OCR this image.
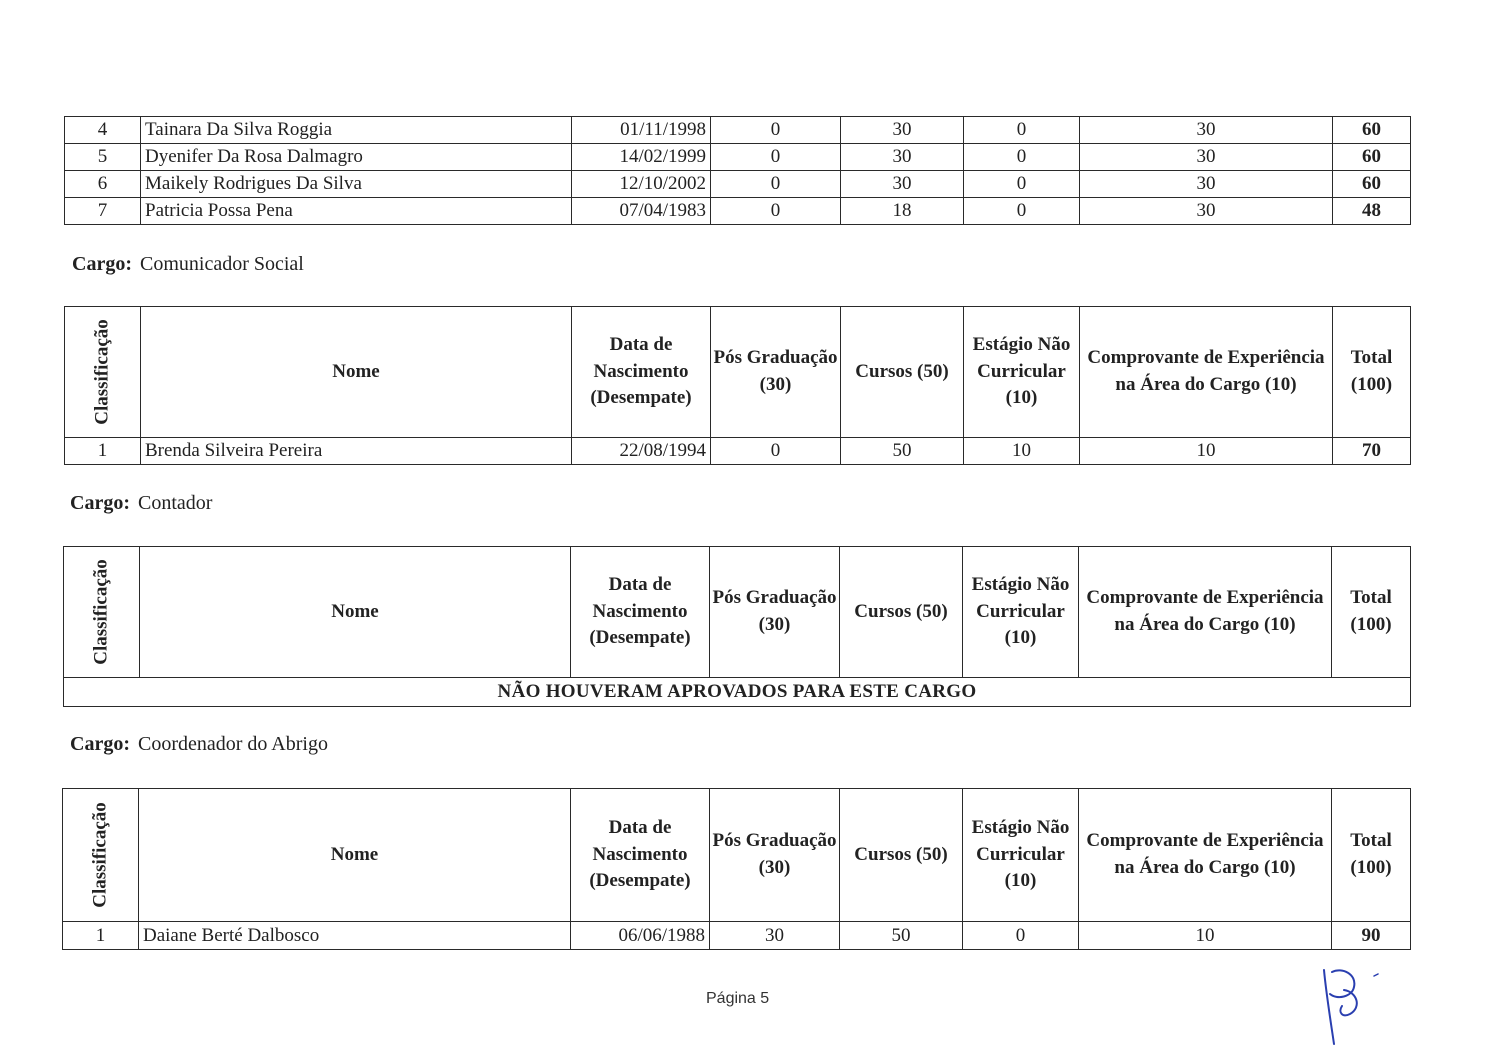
4	Tainara Da Silva Roggia	01/11/1998	0	30	0	30	60
5	Dyenifer Da Rosa Dalmagro	14/02/1999	0	30	0	30	60
6	Maikely Rodrigues Da Silva	12/10/2002	0	30	0	30	60
7	Patricia Possa Pena	07/04/1983	0	18	0	30	48
Cargo: Comunicador Social
Classificação	Nome	Data de Nascimento (Desempate)	Pós Graduação (30)	Cursos (50)	Estágio Não Curricular (10)	Comprovante de Experiência na Área do Cargo (10)	Total (100)
1	Brenda Silveira Pereira	22/08/1994	0	50	10	10	70
Cargo: Contador
Classificação	Nome	Data de Nascimento (Desempate)	Pós Graduação (30)	Cursos (50)	Estágio Não Curricular (10)	Comprovante de Experiência na Área do Cargo (10)	Total (100)
NÃO HOUVERAM APROVADOS PARA ESTE CARGO
Cargo: Coordenador do Abrigo
Classificação	Nome	Data de Nascimento (Desempate)	Pós Graduação (30)	Cursos (50)	Estágio Não Curricular (10)	Comprovante de Experiência na Área do Cargo (10)	Total (100)
1	Daiane Berté Dalbosco	06/06/1988	30	50	0	10	90
Página 5
